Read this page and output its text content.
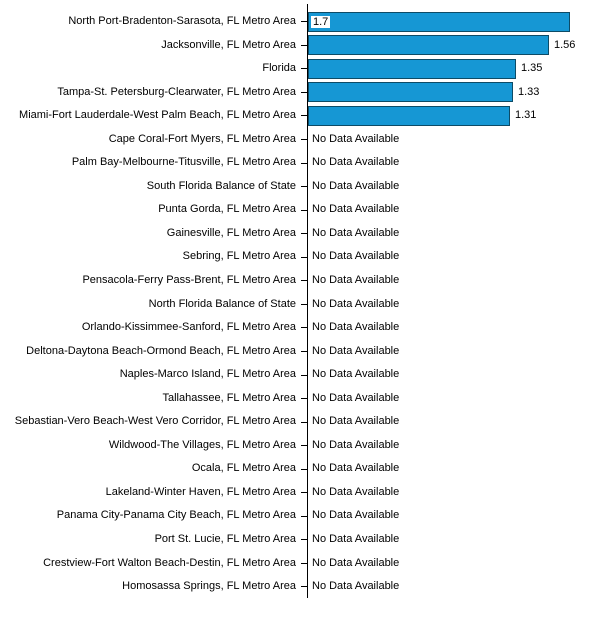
North Port-Bradenton-Sarasota, FL Metro Area 1.7
Jacksonville, FL Metro Area	1.56
Florida	1.35
Tampa-St. Petersburg-Clearwater, FL Metro Area	1.33
Miami-Fort Lauderdale-West Palm Beach, FL Metro Area	1.31
Cape Coral-Fort Myers, FL Metro Area No Data Available
Palm Bay-Melbourne-Titusville, FL Metro Area No Data Available
South Florida Balance of State No Data Available
Punta Gorda, FL Metro Area No Data Available
Gainesville, FL Metro Area No Data Available
Sebring, FL Metro Area No Data Available
Pensacola-Ferry Pass-Brent, FL Metro Area No Data Available
North Florida Balance of State No Data Available
Orlando-Kissimmee-Sanford, FL Metro Area No Data Available
Deltona-Daytona Beach-Ormond Beach, FL Metro Area No Data Available
Naples-Marco Island, FL Metro Area No Data Available
Tallahassee, FL Metro Area No Data Available
Sebastian-Vero Beach-West Vero Corridor, FL Metro Area No Data Available
Wildwood-The Villages, FL Metro Area No Data Available
Ocala, FL Metro Area No Data Available
Lakeland-Winter Haven, FL Metro Area No Data Available
Panama City-Panama City Beach, FL Metro Area No Data Available
Port St. Lucie, FL Metro Area No Data Available
Crestview-Fort Walton Beach-Destin, FL Metro Area No Data Available
Homosassa Springs, FL Metro Area No Data Available
